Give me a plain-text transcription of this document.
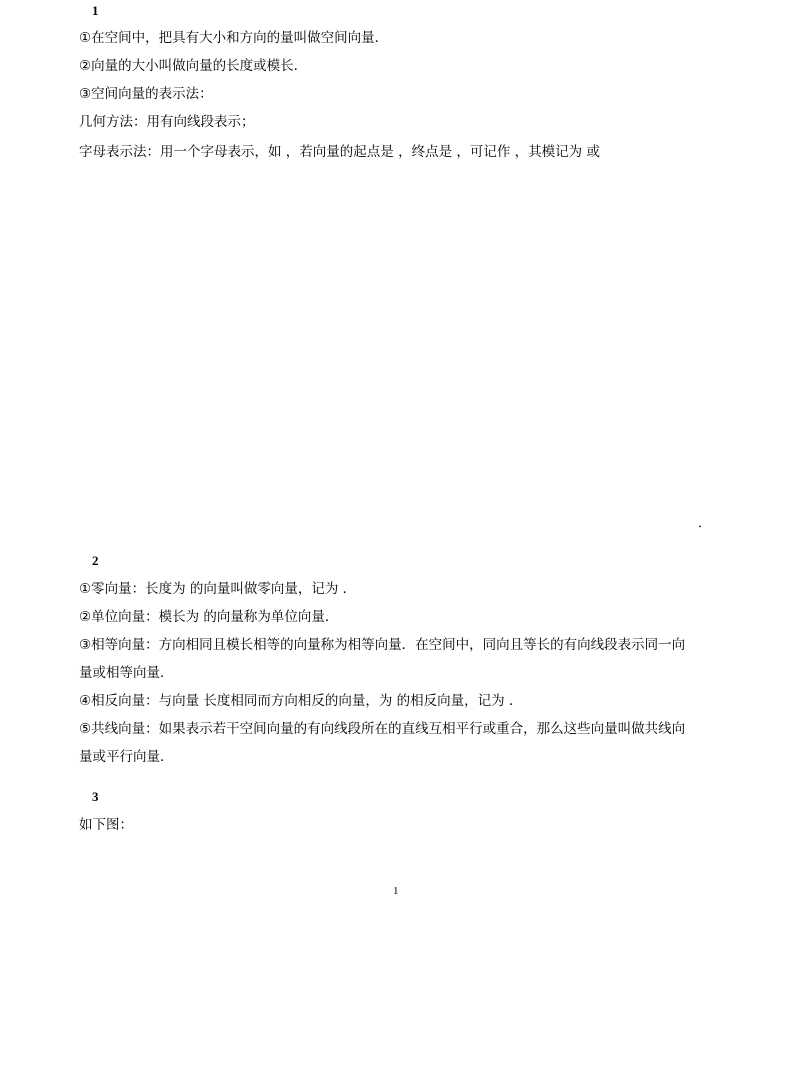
1
①在空间中，把具有大小和方向的量叫做空间向量．
②向量的大小叫做向量的长度或模长．
③空间向量的表示法：
几何方法：用有向线段表示；
字母表示法：用一个字母表示，如 ，若向量的起点是 ，终点是 ，可记作 ，其模记为 或
．
2
①零向量：长度为 的向量叫做零向量，记为 ．
②单位向量：模长为 的向量称为单位向量．
③相等向量：方向相同且模长相等的向量称为相等向量．在空间中，同向且等长的有向线段表示同一向
量或相等向量．
④相反向量：与向量 长度相同而方向相反的向量，为 的相反向量，记为 ．
⑤共线向量：如果表示若干空间向量的有向线段所在的直线互相平行或重合，那么这些向量叫做共线向
量或平行向量．
3
如下图：
1
